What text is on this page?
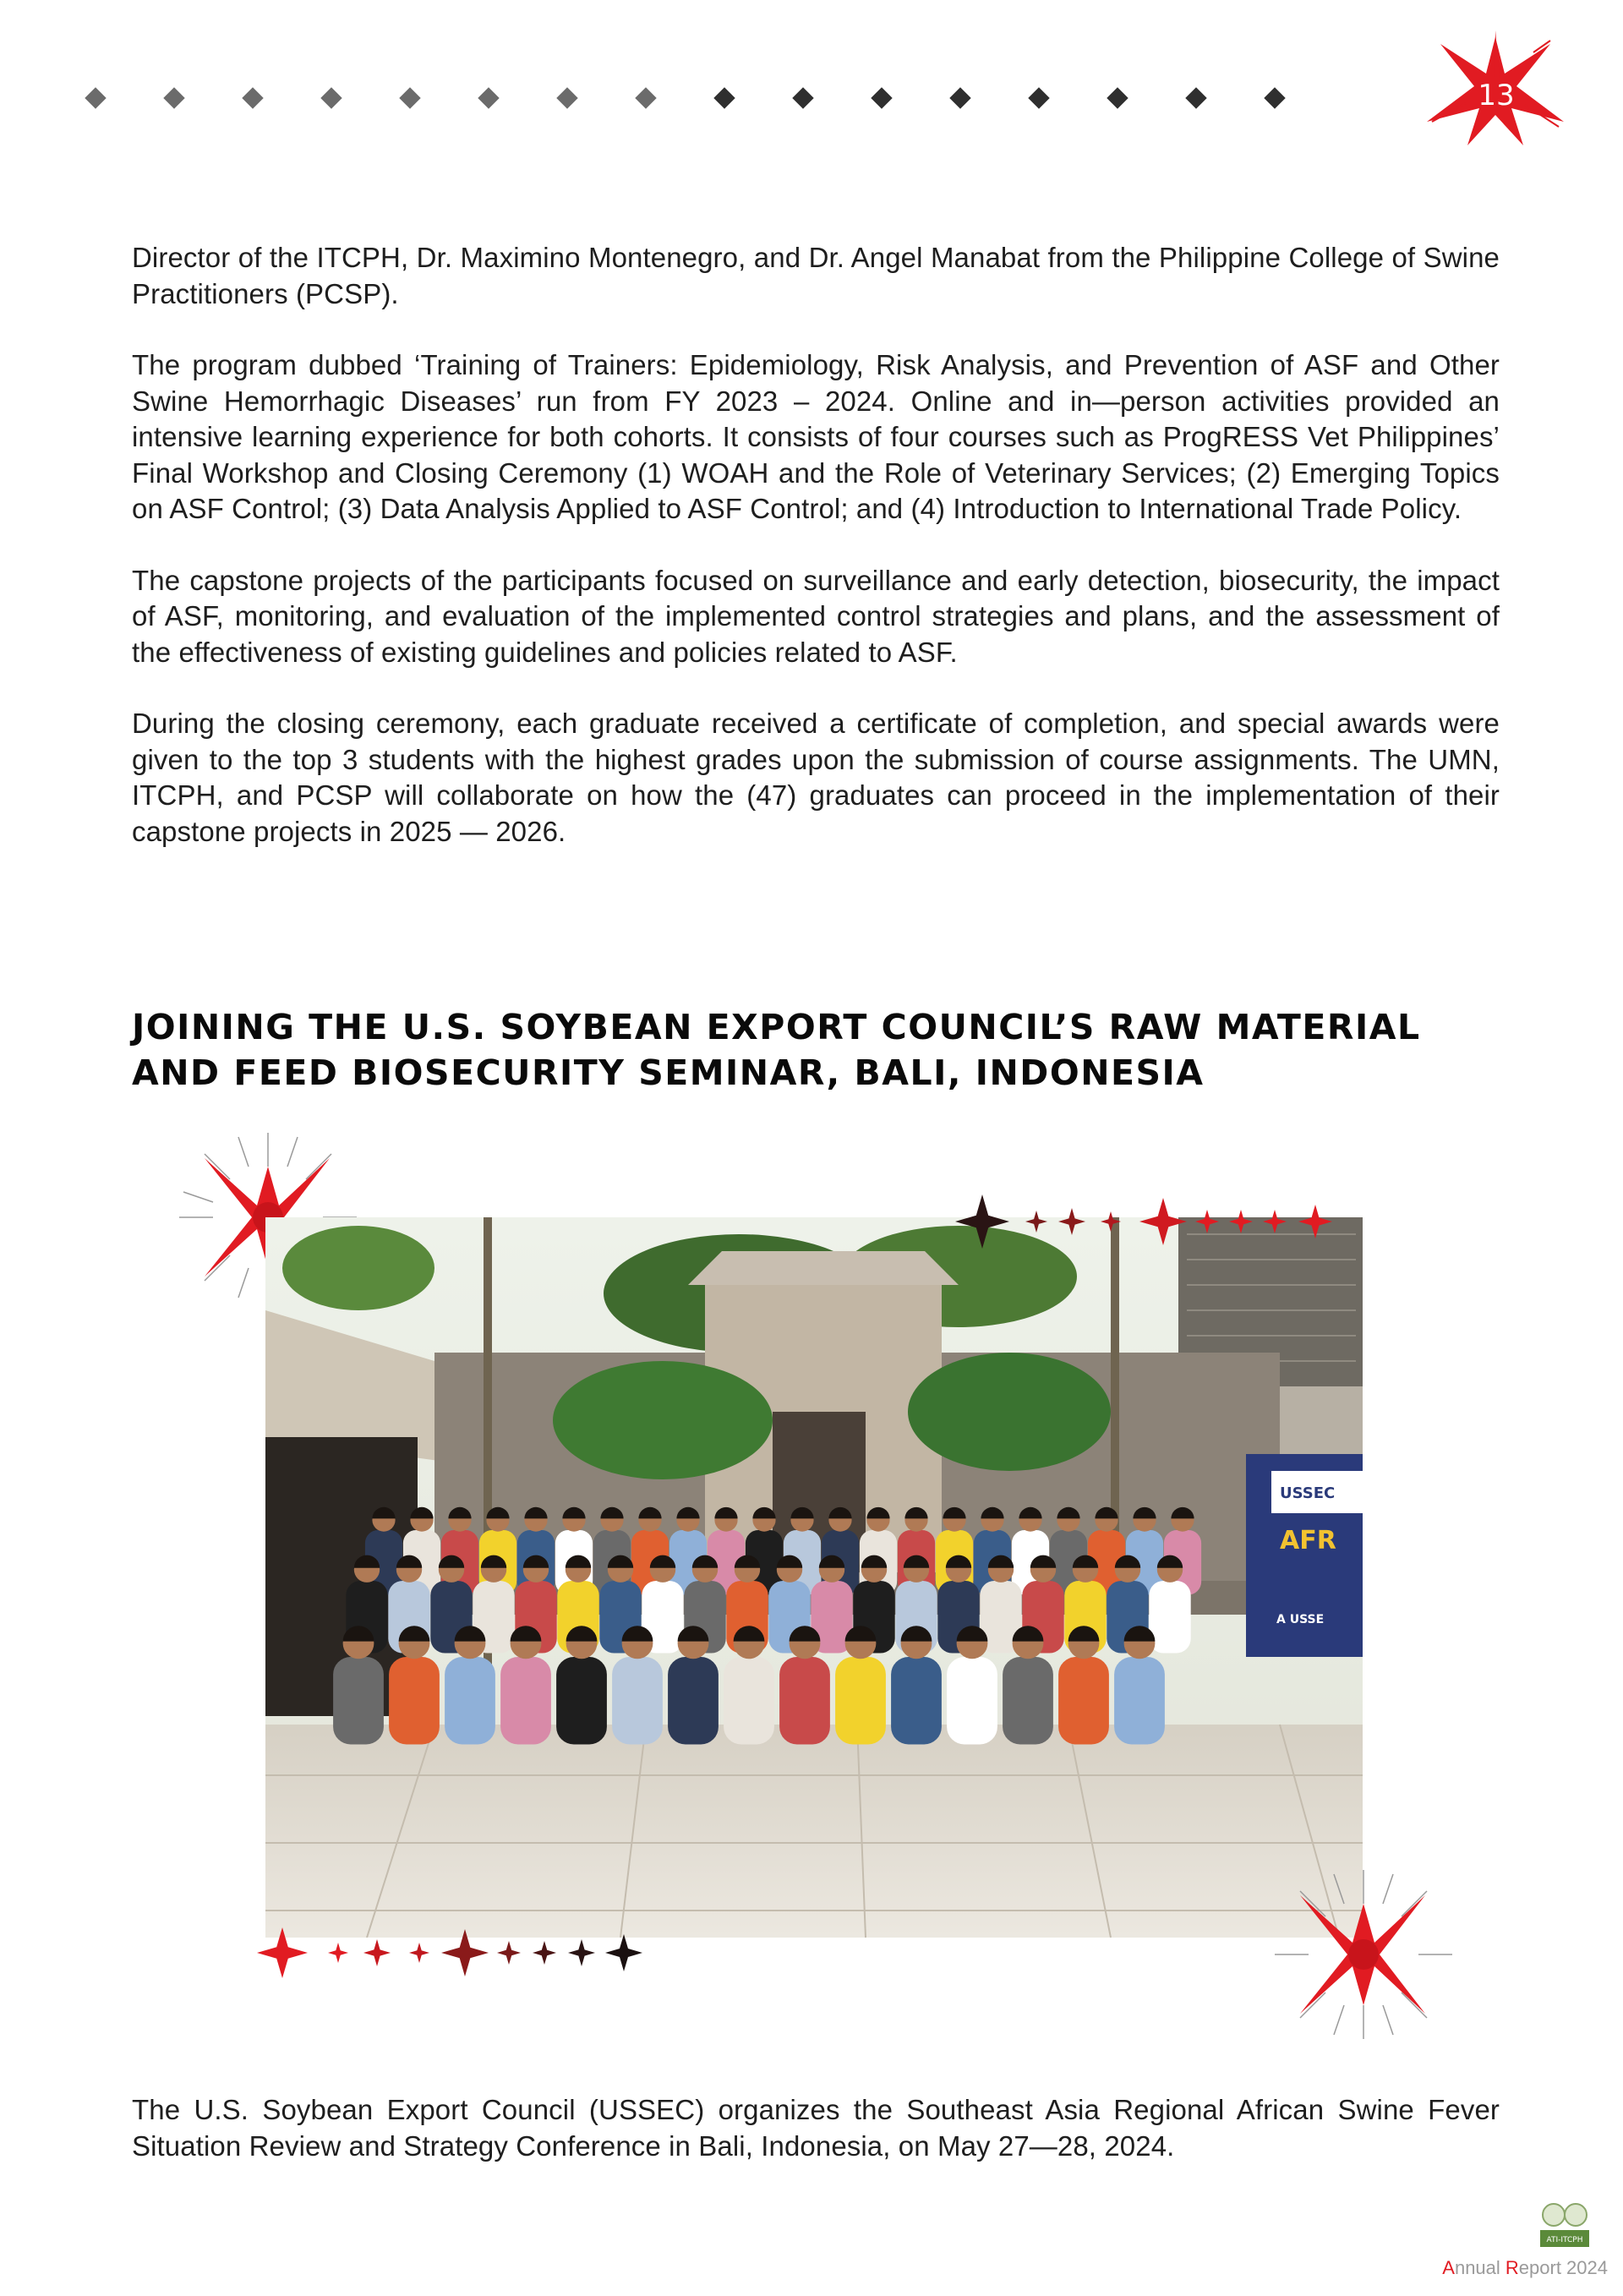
13

Director of the ITCPH, Dr. Maximino Montenegro, and Dr. Angel Manabat from the Philippine College of Swine Practitioners (PCSP).

The program dubbed ‘Training of Trainers: Epidemiology, Risk Analysis, and Prevention of ASF and Other Swine Hemorrhagic Diseases’ run from FY 2023 – 2024. Online and in—person activities provided an intensive learning experience for both cohorts. It consists of four courses such as ProgRESS Vet Philippines’ Final Workshop and Closing Ceremony (1) WOAH and the Role of Veterinary Services; (2) Emerging Topics on ASF Control; (3) Data Analysis Applied to ASF Control; and (4) Introduction to International Trade Policy.

The capstone projects of the participants focused on surveillance and early detection, biosecurity, the impact of ASF, monitoring, and evaluation of the implemented control strategies and plans, and the assessment of the effectiveness of existing guidelines and policies related to ASF.

During the closing ceremony, each graduate received a certificate of completion, and special awards were given to the top 3 students with the highest grades upon the submission of course assignments. The UMN, ITCPH, and PCSP will collaborate on how the (47) graduates can proceed in the implementation of their capstone projects in 2025 — 2026.

JOINING THE U.S. SOYBEAN EXPORT COUNCIL’S RAW MATERIAL AND FEED BIOSECURITY SEMINAR, BALI, INDONESIA
USSEC
AFR
A USSE

The U.S. Soybean Export Council (USSEC) organizes the Southeast Asia Regional African Swine Fever Situation Review and Strategy Conference in Bali, Indonesia, on May 27—28, 2024.

ATI-ITCPH
Annual Report 2024
